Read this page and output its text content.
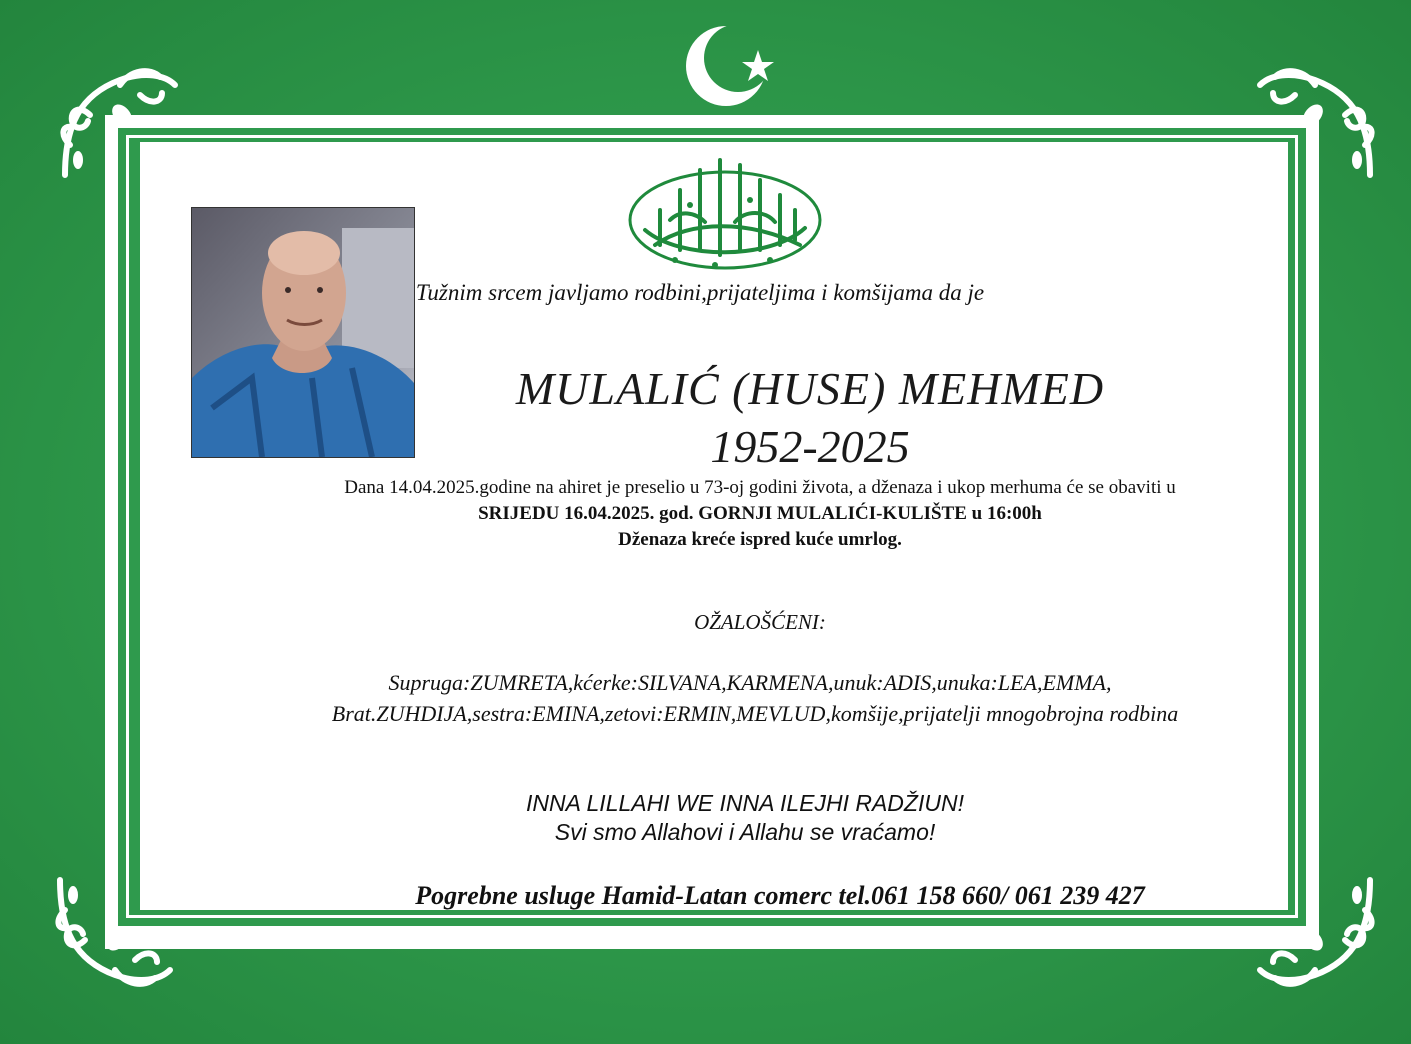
Tužnim srcem javljamo rodbini,prijateljima i komšijama da je
MULALIĆ (HUSE) MEHMED
1952-2025
Dana 14.04.2025.godine na ahiret je preselio u 73-oj godini života, a dženaza i ukop merhuma će se obaviti u
SRIJEDU 16.04.2025. god. GORNJI MULALIĆI-KULIŠTE u 16:00h
Dženaza kreće ispred kuće umrlog.
OŽALOŠĆENI:
Supruga:ZUMRETA,kćerke:SILVANA,KARMENA,unuk:ADIS,unuka:LEA,EMMA,
Brat.ZUHDIJA,sestra:EMINA,zetovi:ERMIN,MEVLUD,komšije,prijatelji mnogobrojna rodbina
INNA LILLAHI WE INNA ILEJHI RADŽIUN!
Svi smo Allahovi i Allahu se vraćamo!
Pogrebne usluge Hamid-Latan comerc tel.061 158 660/ 061 239 427
